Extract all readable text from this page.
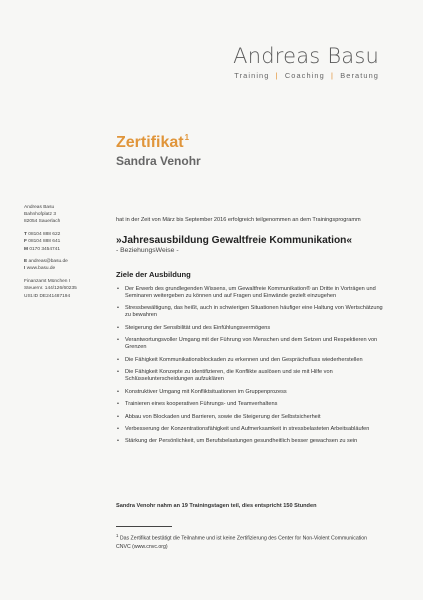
Andreas Basu
Training | Coaching | Beratung
Zertifikat$^1$
Sandra Venohr
Andreas Basu
Bahnhofplatz 3
82054 Sauerlach
T 08104 888 622
F 08104 888 641
M 0170 3454741
E andreas@basu.de
I www.basu.de
Finanzamt München I
Steuernr. 144/126/60235
USt.ID DE241487194
hat in der Zeit von März bis September 2016 erfolgreich teilgenommen an dem Trainingsprogramm
»Jahresausbildung Gewaltfreie Kommunikation«
- BeziehungsWeise -
Ziele der Ausbildung
• Der Erwerb des grundlegenden Wissens, um Gewaltfreie Kommunikation® an Dritte in Vorträgen und Seminaren weitergeben zu können und auf Fragen und Einwände gezielt einzugehen
• Stressbewältigung, das heißt, auch in schwierigen Situationen häufiger eine Haltung von Wertschätzung zu bewahren
• Steigerung der Sensibilität und des Einfühlungsvermögens
• Verantwortungsvoller Umgang mit der Führung von Menschen und dem Setzen und Respektieren von Grenzen
• Die Fähigkeit Kommunikationsblockaden zu erkennen und den Gesprächsfluss wiederherstellen
• Die Fähigkeit Konzepte zu identifizieren, die Konflikte auslösen und sie mit Hilfe von Schlüsselunterscheidungen aufzuklären
• Konstruktiver Umgang mit Konfliktsituationen im Gruppenprozess
• Trainieren eines kooperativen Führungs- und Teamverhaltens
• Abbau von Blockaden und Barrieren, sowie die Steigerung der Selbstsicherheit
• Verbesserung der Konzentrationsfähigkeit und Aufmerksamkeit in stressbelasteten Arbeitsabläufen
• Stärkung der Persönlichkeit, um Berufsbelastungen gesundheitlich besser gewachsen zu sein
Sandra Venohr nahm an 19 Trainingstagen teil, dies entspricht 150 Stunden
$^1$ Das Zertifikat bestätigt die Teilnahme und ist keine Zertifizierung des Center for Non-Violent Communication CNVC (www.cnvc.org)
